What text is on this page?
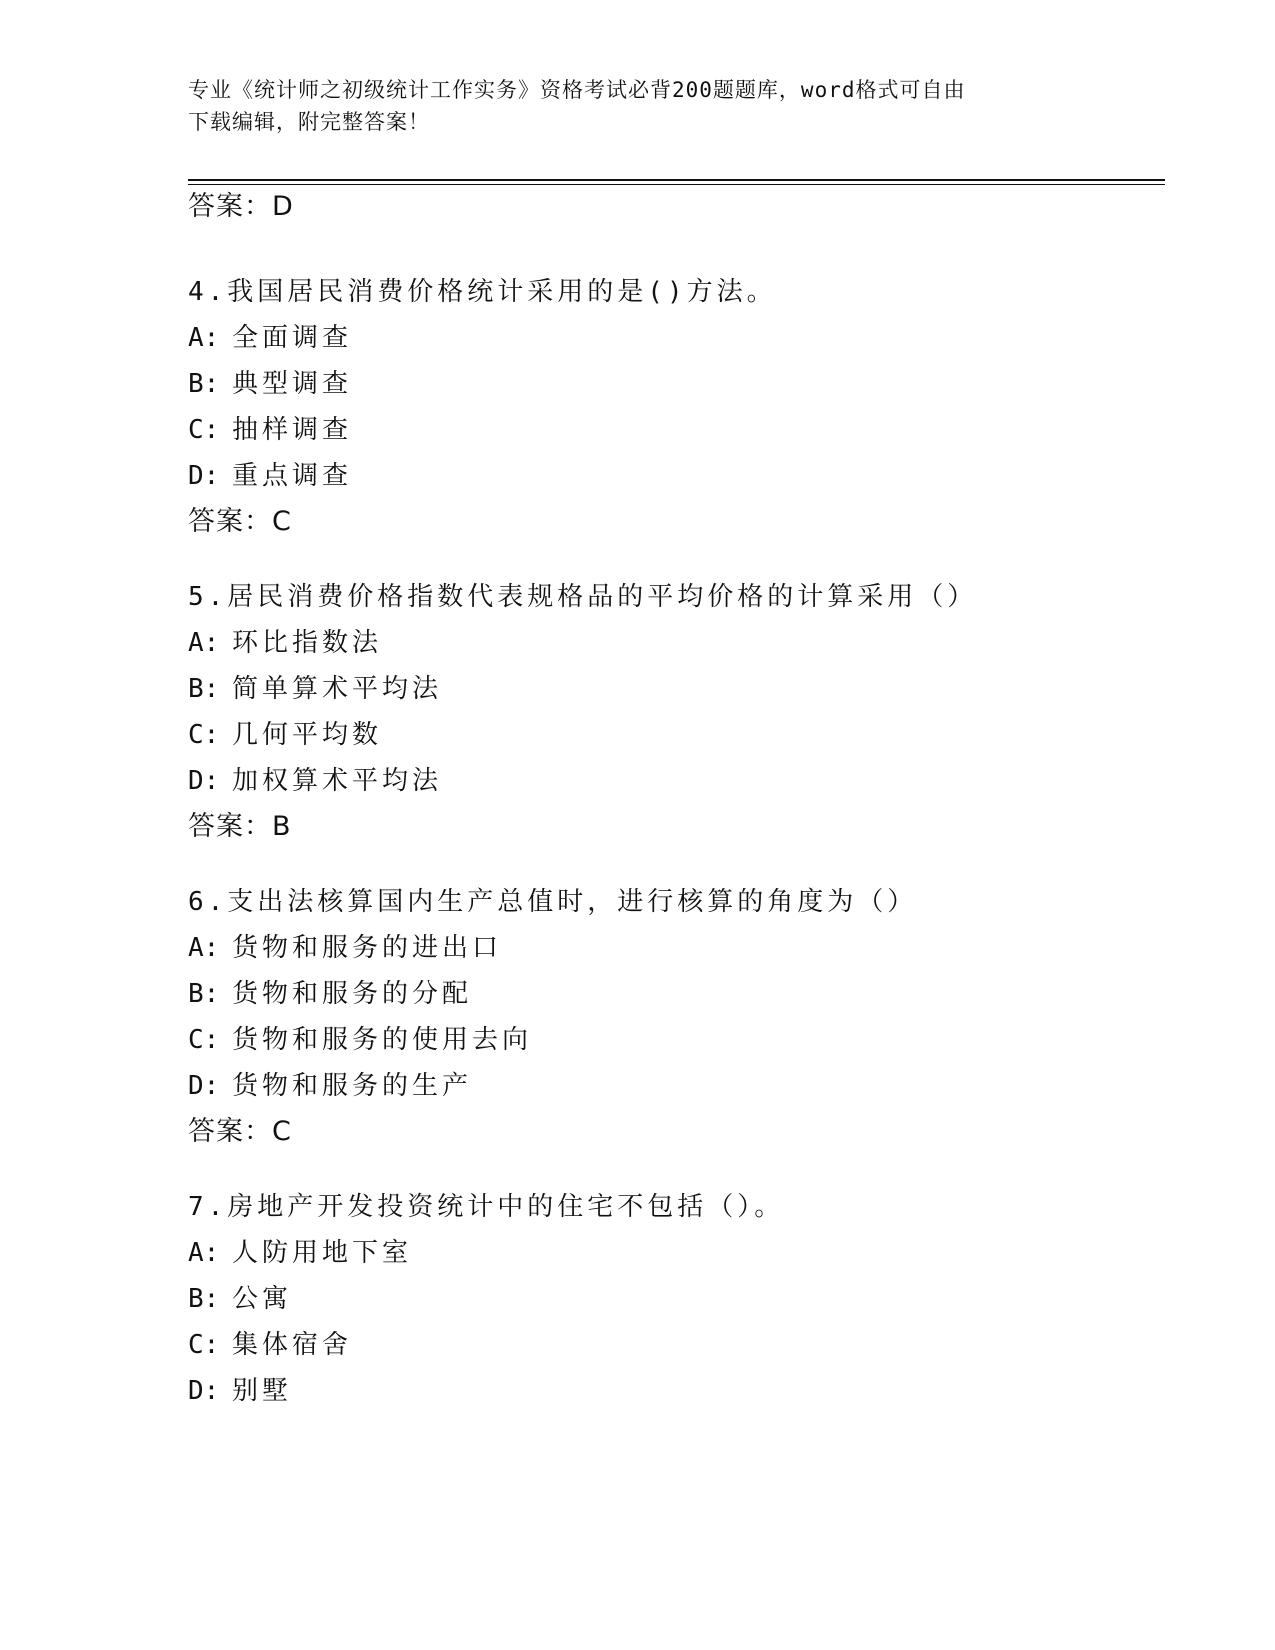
专业《统计师之初级统计工作实务》资格考试必背200题题库，word格式可自由
下载编辑，附完整答案！
答案：D
4.我国居民消费价格统计采用的是()方法。
A: 全面调查
B: 典型调查
C: 抽样调查
D: 重点调查
答案：C
5.居民消费价格指数代表规格品的平均价格的计算采用（）
A: 环比指数法
B: 简单算术平均法
C: 几何平均数
D: 加权算术平均法
答案：B
6.支出法核算国内生产总值时，进行核算的角度为（）
A: 货物和服务的进出口
B: 货物和服务的分配
C: 货物和服务的使用去向
D: 货物和服务的生产
答案：C
7.房地产开发投资统计中的住宅不包括（）。
A: 人防用地下室
B: 公寓
C: 集体宿舍
D: 别墅
